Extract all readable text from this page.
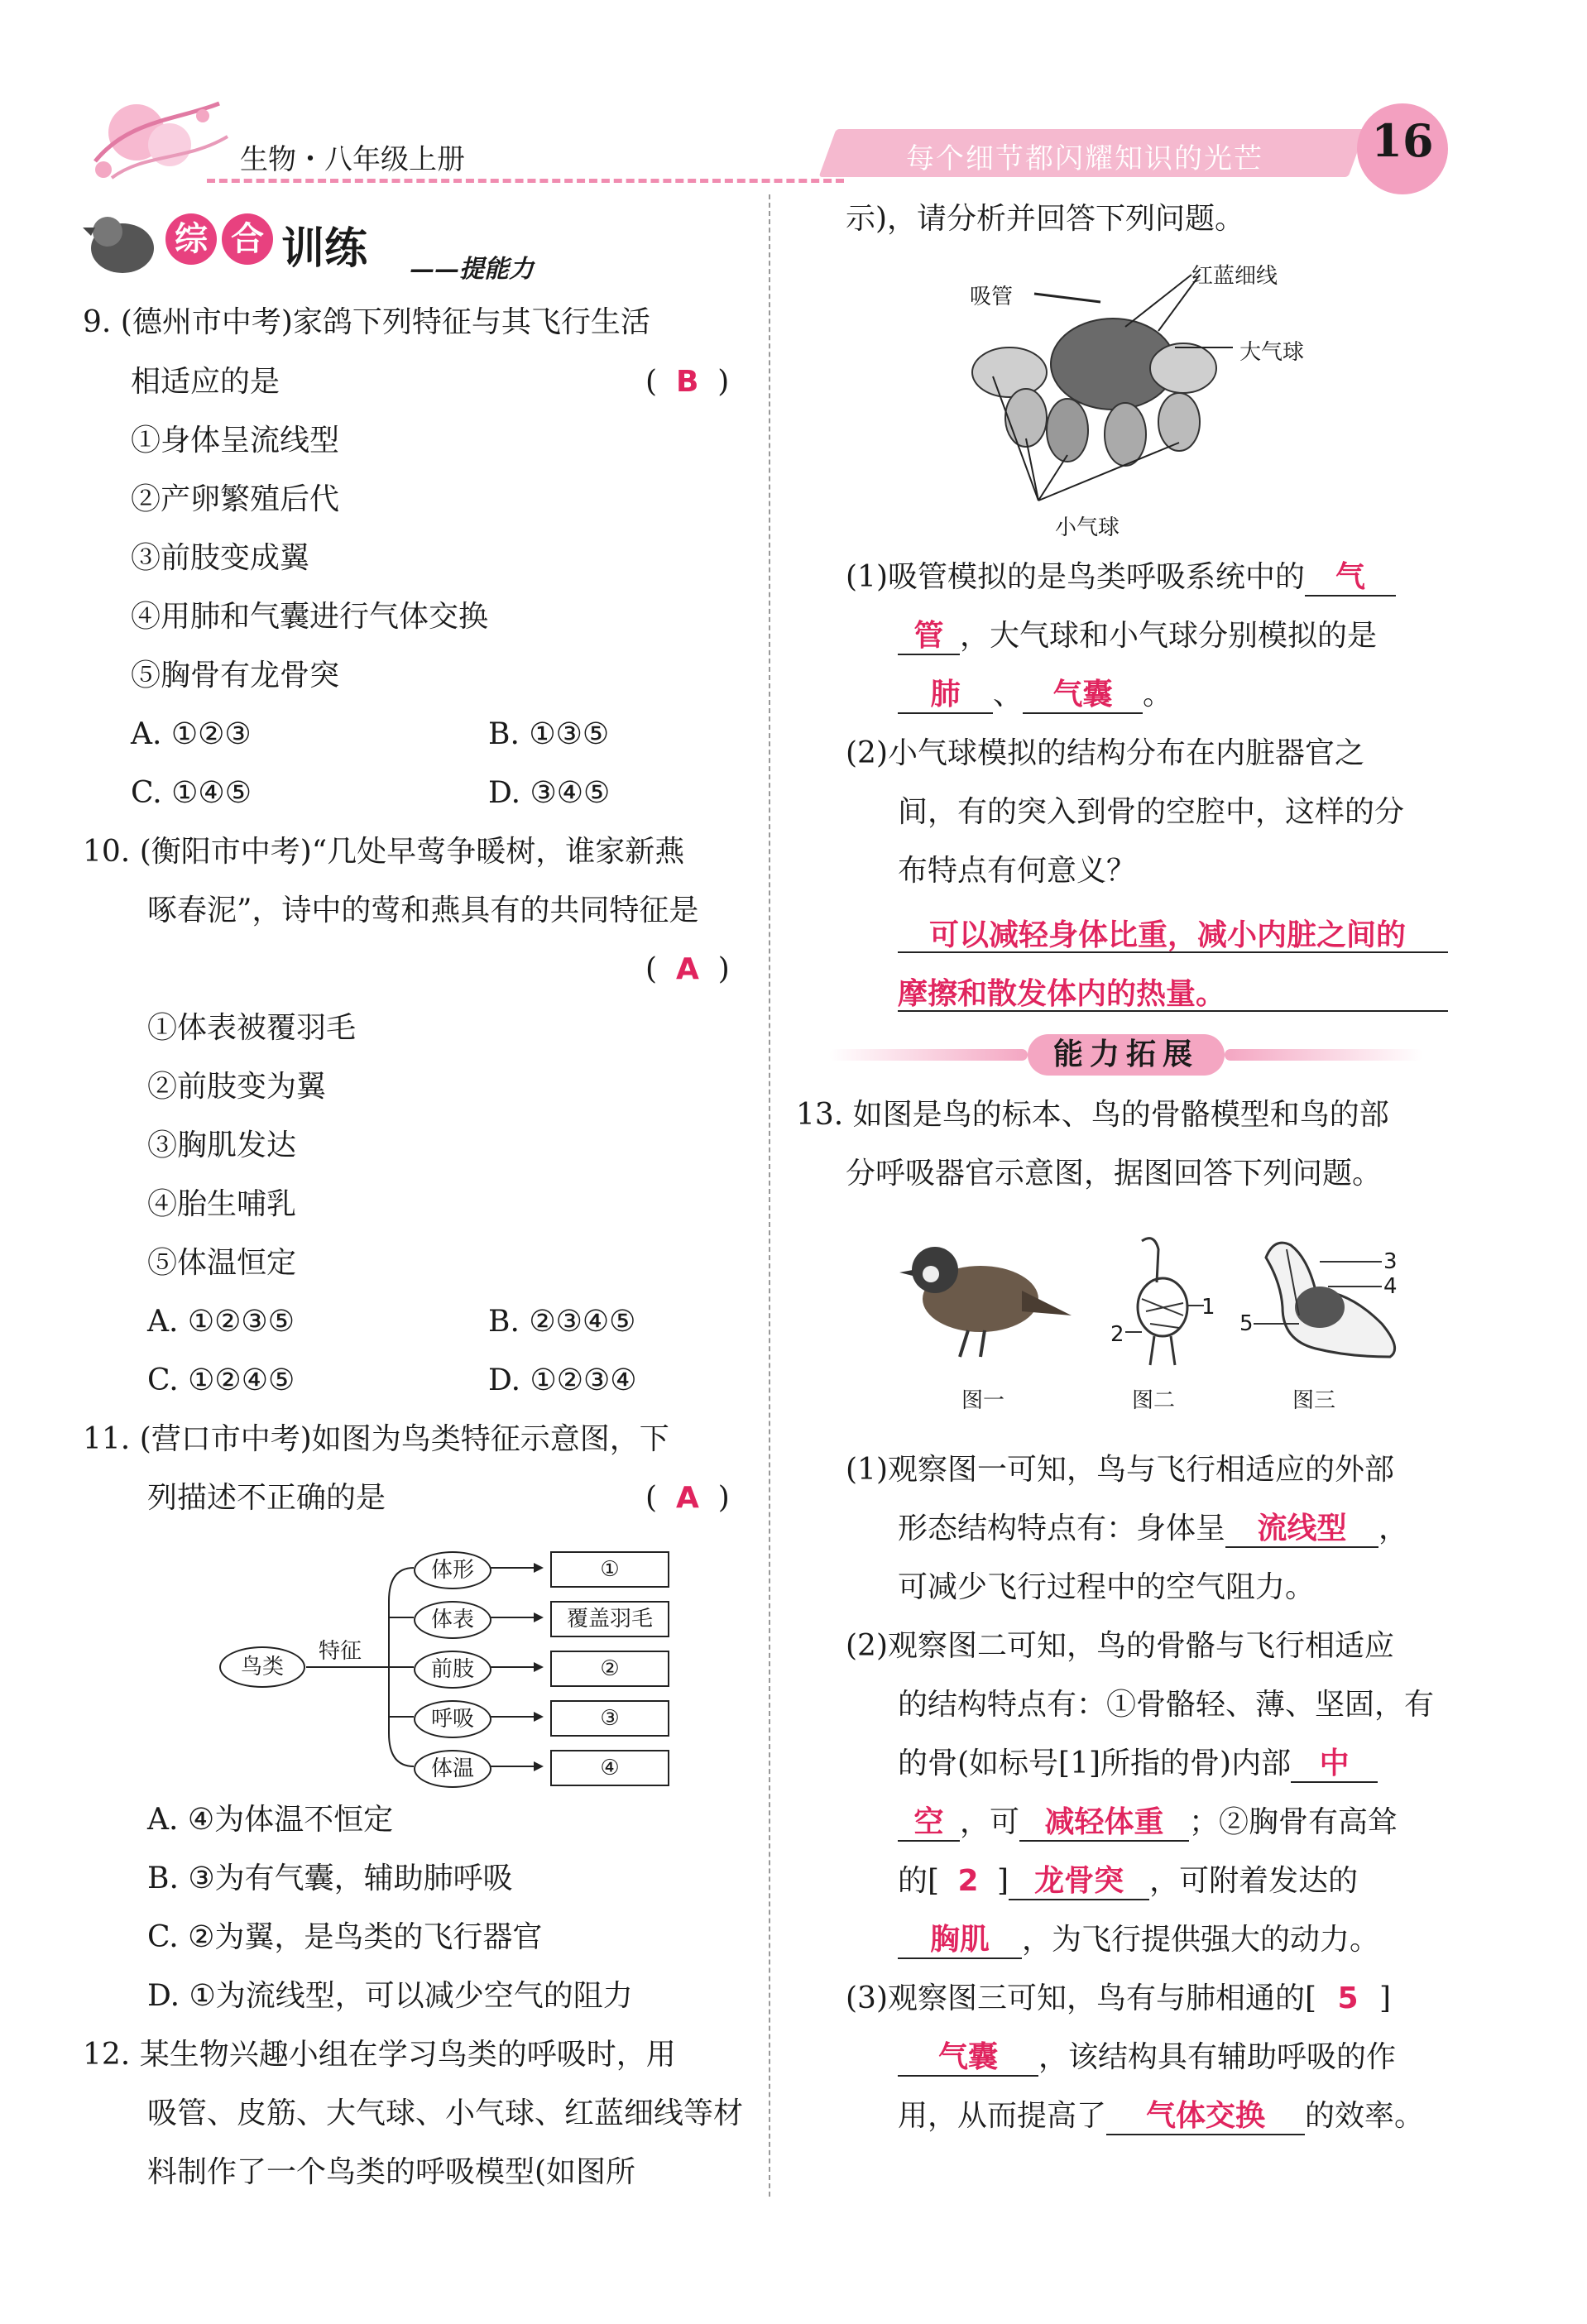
生物・八年级上册	每个细节都闪耀知识的光芒	16
综 合 训练 ——提能力
9. (德州市中考)家鸽下列特征与其飞行生活
相适应的是	(  B  )
①身体呈流线型
②产卵繁殖后代
③前肢变成翼
④用肺和气囊进行气体交换
⑤胸骨有龙骨突
A. ①②③	B. ①③⑤
C. ①④⑤	D. ③④⑤
10. (衡阳市中考)“几处早莺争暖树，谁家新燕
啄春泥”，诗中的莺和燕具有的共同特征是
(  A  )
①体表被覆羽毛
②前肢变为翼
③胸肌发达
④胎生哺乳
⑤体温恒定
A. ①②③⑤	B. ②③④⑤
C. ①②④⑤	D. ①②③④
11. (营口市中考)如图为鸟类特征示意图，下
列描述不正确的是	(  A  )
鸟类
特征
体形
体表
前肢
呼吸
体温
①
覆盖羽毛
②
③
④
A. ④为体温不恒定
B. ③为有气囊，辅助肺呼吸
C. ②为翼，是鸟类的飞行器官
D. ①为流线型，可以减少空气的阻力
12. 某生物兴趣小组在学习鸟类的呼吸时，用
吸管、皮筋、大气球、小气球、红蓝细线等材
料制作了一个鸟类的呼吸模型(如图所
示)，请分析并回答下列问题。
吸管
红蓝细线
大气球
小气球
(1)吸管模拟的是鸟类呼吸系统中的 气
管 ，大气球和小气球分别模拟的是
肺 、 气囊 。
(2)小气球模拟的结构分布在内脏器官之
间，有的突入到骨的空腔中，这样的分
布特点有何意义？
可以减轻身体比重，减小内脏之间的
摩擦和散发体内的热量。
能力拓展
13. 如图是鸟的标本、鸟的骨骼模型和鸟的部
分呼吸器官示意图，据图回答下列问题。
1
2
3
4
5
图一	图二	图三
(1)观察图一可知，鸟与飞行相适应的外部
形态结构特点有：身体呈 流线型 ，
可减少飞行过程中的空气阻力。
(2)观察图二可知，鸟的骨骼与飞行相适应
的结构特点有：①骨骼轻、薄、坚固，有
的骨(如标号[1]所指的骨)内部 中
空 ，可 减轻体重 ；②胸骨有高耸
的[ 2 ] 龙骨突 ，可附着发达的
胸肌 ，为飞行提供强大的动力。
(3)观察图三可知，鸟有与肺相通的[ 5 ]
气囊 ，该结构具有辅助呼吸的作
用，从而提高了 气体交换 的效率。
